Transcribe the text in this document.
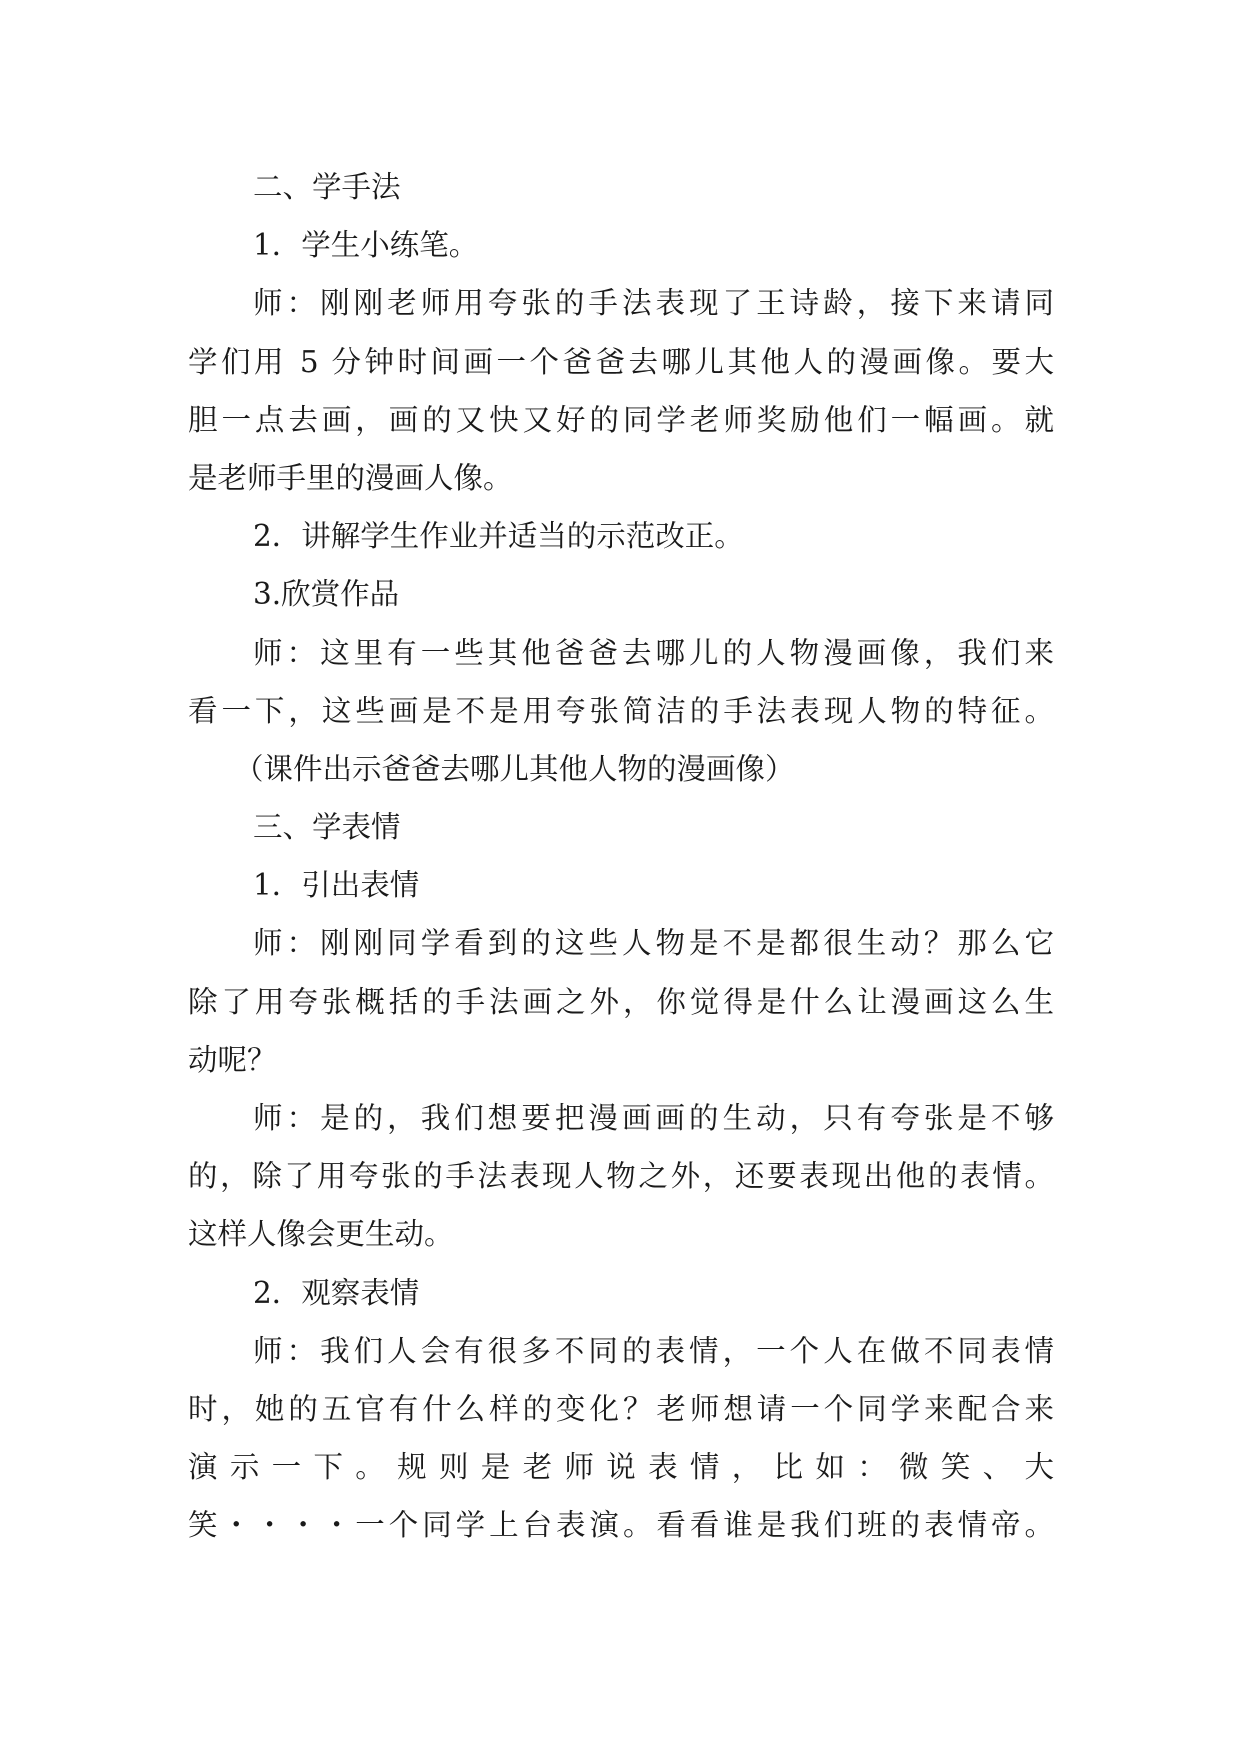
二、学手法
1．学生小练笔。
师：刚刚老师用夸张的手法表现了王诗龄，接下来请同
学们用 5 分钟时间画一个爸爸去哪儿其他人的漫画像。要大
胆一点去画，画的又快又好的同学老师奖励他们一幅画。就
是老师手里的漫画人像。
2．讲解学生作业并适当的示范改正。
3.欣赏作品
师：这里有一些其他爸爸去哪儿的人物漫画像，我们来
看一下，这些画是不是用夸张简洁的手法表现人物的特征。
（课件出示爸爸去哪儿其他人物的漫画像）
三、学表情
1．引出表情
师：刚刚同学看到的这些人物是不是都很生动？那么它
除了用夸张概括的手法画之外，你觉得是什么让漫画这么生
动呢？
师：是的，我们想要把漫画画的生动，只有夸张是不够
的，除了用夸张的手法表现人物之外，还要表现出他的表情。
这样人像会更生动。
2．观察表情
师：我们人会有很多不同的表情，一个人在做不同表情
时，她的五官有什么样的变化？老师想请一个同学来配合来
演 示 一 下 。 规 则 是 老 师 说 表 情 ， 比 如 ： 微 笑 、 大
笑・・・・一个同学上台表演。看看谁是我们班的表情帝。
